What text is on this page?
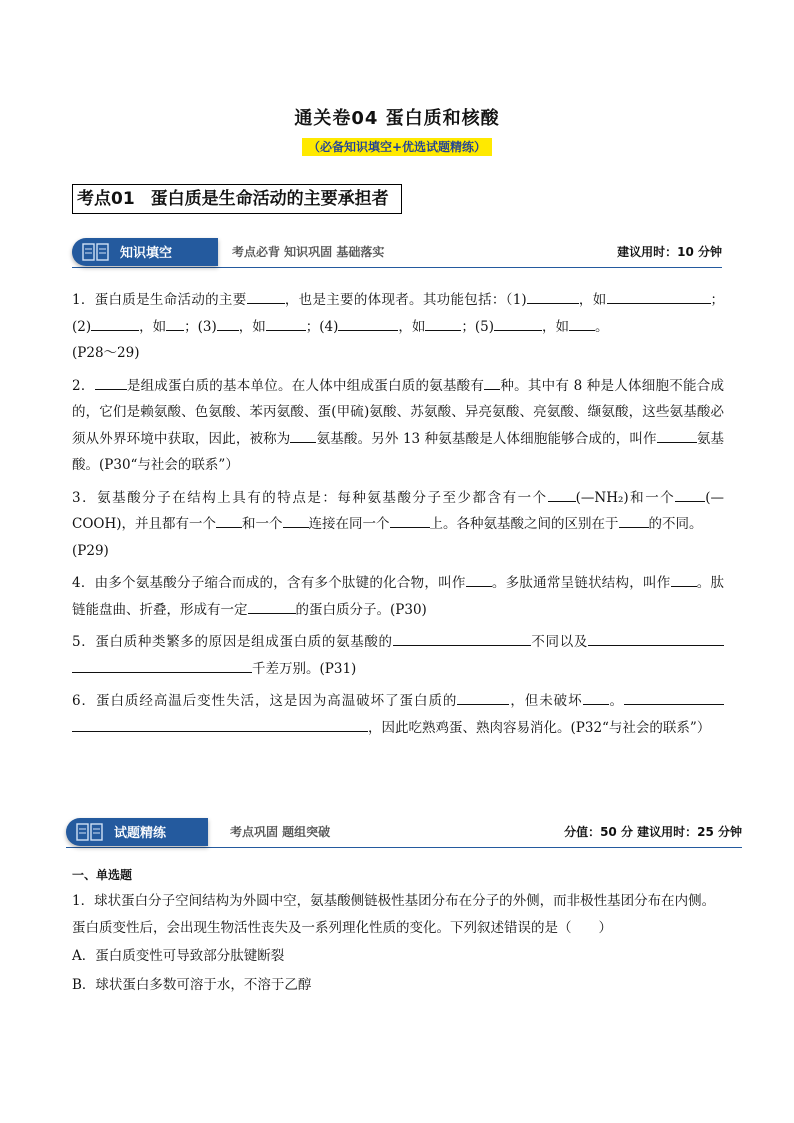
通关卷04 蛋白质和核酸
（必备知识填空+优选试题精练）
考点01 蛋白质是生命活动的主要承担者
知识填空	考点必背 知识巩固 基础落实	建议用时：10 分钟

1．蛋白质是生命活动的主要	，也是主要的体现者。其功能包括：（1)	，如	；(2)	，如 ；(3) ，如	；(4)	，如	；(5)	，如 。
(P28～29)

2． 是组成蛋白质的基本单位。在人体中组成蛋白质的氨基酸有 种。其中有 8 种是人体细胞不能合成的，它们是赖氨酸、色氨酸、苯丙氨酸、蛋(甲硫)氨酸、苏氨酸、异亮氨酸、亮氨酸、缬氨酸，这些氨基酸必须从外界环境中获取，因此，被称为 氨基酸。另外 13 种氨基酸是人体细胞能够合成的，叫作	氨基酸。(P30“与社会的联系”）

3．氨基酸分子在结构上具有的特点是：每种氨基酸分子至少都含有一个 (—NH₂)和一个 (—COOH)，并且都有一个 和一个 连接在同一个	上。各种氨基酸之间的区别在于 的不同。
(P29)

4．由多个氨基酸分子缩合而成的，含有多个肽键的化合物，叫作 。多肽通常呈链状结构，叫作 。肽链能盘曲、折叠，形成有一定	的蛋白质分子。(P30)

5．蛋白质种类繁多的原因是组成蛋白质的氨基酸的	不同以及千差万别。(P31)

6．蛋白质经高温后变性失活，这是因为高温破坏了蛋白质的	，但未破坏 。，因此吃熟鸡蛋、熟肉容易消化。(P32“与社会的联系”）

试题精练	考点巩固 题组突破	分值：50 分 建议用时：25 分钟
一、单选题

1．球状蛋白分子空间结构为外圆中空，氨基酸侧链极性基团分布在分子的外侧，而非极性基团分布在内侧。
蛋白质变性后，会出现生物活性丧失及一系列理化性质的变化。下列叙述错误的是（　　）

A．蛋白质变性可导致部分肽键断裂

B．球状蛋白多数可溶于水，不溶于乙醇
